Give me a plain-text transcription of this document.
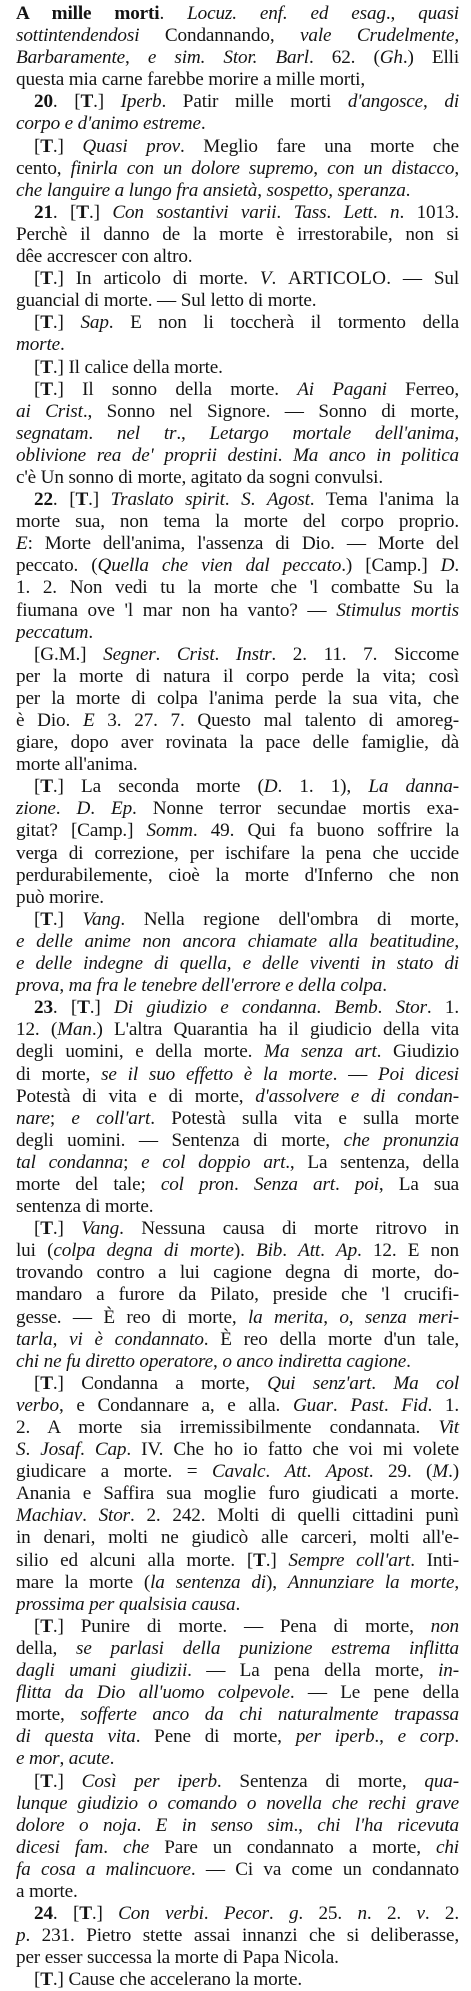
A mille morti. Locuz. enf. ed esag., quasi
sottintendendosi Condannando, vale Crudelmente,
Barbaramente, e sim. Stor. Barl. 62. (Gh.) Elli
questa mia carne farebbe morire a mille morti,
20. [T.] Iperb. Patir mille morti d'angosce, di
corpo e d'animo estreme.
[T.] Quasi prov. Meglio fare una morte che
cento, finirla con un dolore supremo, con un distacco,
che languire a lungo fra ansietà, sospetto, speranza.
21. [T.] Con sostantivi varii. Tass. Lett. n. 1013.
Perchè il danno de la morte è irrestorabile, non si
dêe accrescer con altro.
[T.] In articolo di morte. V. ARTICOLO. — Sul
guancial di morte. — Sul letto di morte.
[T.] Sap. E non li toccherà il tormento della
morte.
[T.] Il calice della morte.
[T.] Il sonno della morte. Ai Pagani Ferreo,
ai Crist., Sonno nel Signore. — Sonno di morte,
segnatam. nel tr., Letargo mortale dell'anima,
oblivione rea de' proprii destini. Ma anco in politica
c'è Un sonno di morte, agitato da sogni convulsi.
22. [T.] Traslato spirit. S. Agost. Tema l'anima la
morte sua, non tema la morte del corpo proprio.
E: Morte dell'anima, l'assenza di Dio. — Morte del
peccato. (Quella che vien dal peccato.) [Camp.] D.
1. 2. Non vedi tu la morte che 'l combatte Su la
fiumana ove 'l mar non ha vanto? — Stimulus mortis
peccatum.
[G.M.] Segner. Crist. Instr. 2. 11. 7. Siccome
per la morte di natura il corpo perde la vita; così
per la morte di colpa l'anima perde la sua vita, che
è Dio. E 3. 27. 7. Questo mal talento di amoreg-
giare, dopo aver rovinata la pace delle famiglie, dà
morte all'anima.
[T.] La seconda morte (D. 1. 1), La danna-
zione. D. Ep. Nonne terror secundae mortis exa-
gitat? [Camp.] Somm. 49. Qui fa buono soffrire la
verga di correzione, per ischifare la pena che uccide
perdurabilemente, cioè la morte d'Inferno che non
può morire.
[T.] Vang. Nella regione dell'ombra di morte,
e delle anime non ancora chiamate alla beatitudine,
e delle indegne di quella, e delle viventi in stato di
prova, ma fra le tenebre dell'errore e della colpa.
23. [T.] Di giudizio e condanna. Bemb. Stor. 1.
12. (Man.) L'altra Quarantia ha il giudicio della vita
degli uomini, e della morte. Ma senza art. Giudizio
di morte, se il suo effetto è la morte. — Poi dicesi
Potestà di vita e di morte, d'assolvere e di condan-
nare; e coll'art. Potestà sulla vita e sulla morte
degli uomini. — Sentenza di morte, che pronunzia
tal condanna; e col doppio art., La sentenza, della
morte del tale; col pron. Senza art. poi, La sua
sentenza di morte.
[T.] Vang. Nessuna causa di morte ritrovo in
lui (colpa degna di morte). Bib. Att. Ap. 12. E non
trovando contro a lui cagione degna di morte, do-
mandaro a furore da Pilato, preside che 'l crucifi-
gesse. — È reo di morte, la merita, o, senza meri-
tarla, vi è condannato. È reo della morte d'un tale,
chi ne fu diretto operatore, o anco indiretta cagione.
[T.] Condanna a morte, Qui senz'art. Ma col
verbo, e Condannare a, e alla. Guar. Past. Fid. 1.
2. A morte sia irremissibilmente condannata. Vit
S. Josaf. Cap. IV. Che ho io fatto che voi mi volete
giudicare a morte. = Cavalc. Att. Apost. 29. (M.)
Anania e Saffira sua moglie furo giudicati a morte.
Machiav. Stor. 2. 242. Molti di quelli cittadini punì
in denari, molti ne giudicò alle carceri, molti all'e-
silio ed alcuni alla morte. [T.] Sempre coll'art. Inti-
mare la morte (la sentenza di), Annunziare la morte,
prossima per qualsisia causa.
[T.] Punire di morte. — Pena di morte, non
della, se parlasi della punizione estrema inflitta
dagli umani giudizii. — La pena della morte, in-
flitta da Dio all'uomo colpevole. — Le pene della
morte, sofferte anco da chi naturalmente trapassa
di questa vita. Pene di morte, per iperb., e corp.
e mor, acute.
[T.] Così per iperb. Sentenza di morte, qua-
lunque giudizio o comando o novella che rechi grave
dolore o noja. E in senso sim., chi l'ha ricevuta
dicesi fam. che Pare un condannato a morte, chi
fa cosa a malincuore. — Ci va come un condannato
a morte.
24. [T.] Con verbi. Pecor. g. 25. n. 2. v. 2.
p. 231. Pietro stette assai innanzi che si deliberasse,
per esser successa la morte di Papa Nicola.
[T.] Cause che accelerano la morte.
